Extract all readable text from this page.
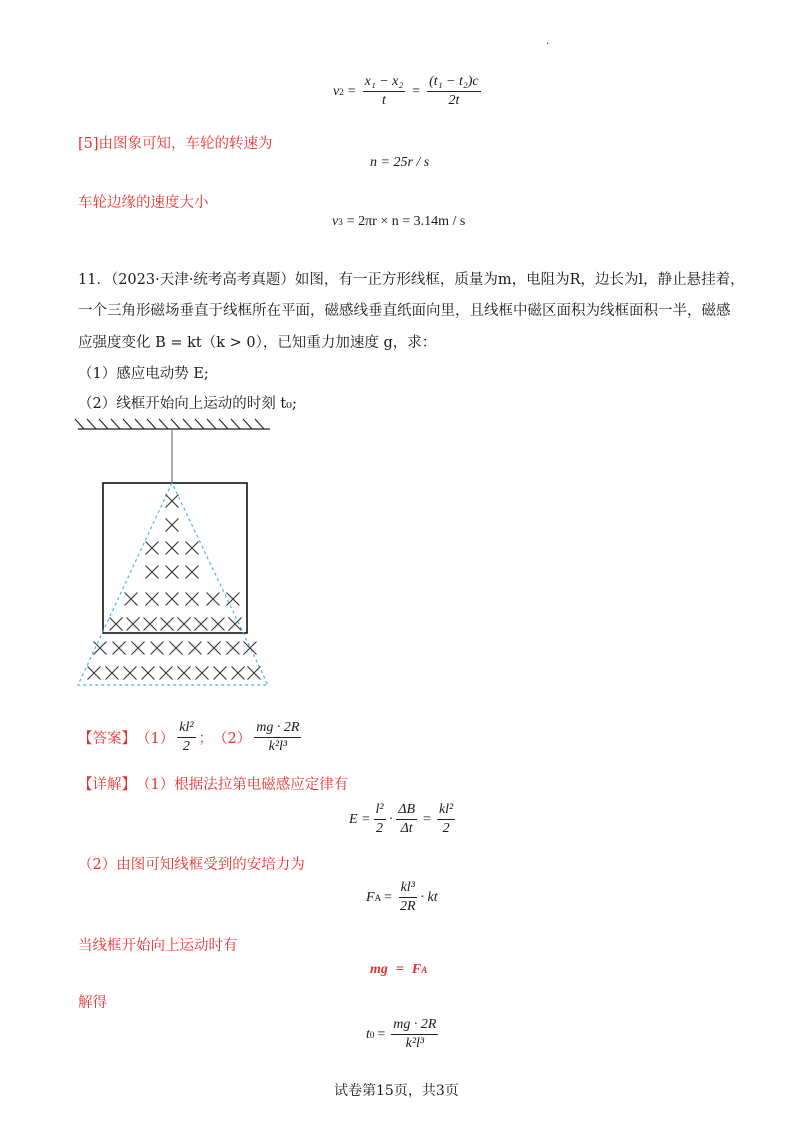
.
v $2 = \frac{\text{x₁ − x₂}}{t} = \frac{\text{(t₁ − t₂)c}}{2t}$
[5]由图象可知，车轮的转速为
n = 25r / s
车轮边缘的速度大小
v 3 = 2πr × n = 3.14m / s
11．（2023·天津·统考高考真题）如图，有一正方形线框，质量为m，电阻为R，边长为l，静止悬挂着，
一个三角形磁场垂直于线框所在平面，磁感线垂直纸面向里，且线框中磁区面积为线框面积一半，磁感
应强度变化 B = kt（k > 0），已知重力加速度 g，求：
（1）感应电动势 E;
（2）线框开始向上运动的时刻 t₀;
【答案】 $(1) \frac{\text{kl²}}{2}$ ； $(2) \frac{mg \cdot 2R}{\text{k²l³}}$
【详解】 （1）根据法拉第电磁感应定律有
$E = \frac{\text{l²}}{2} \cdot \frac{\Delta B}{\Delta t} = \frac{\text{kl²}}{2}$
（2）由图可知线框受到的安培力为
F $A = \frac{\text{kl³}}{2R}$ · kt
当线框开始向上运动时有
mg = F A
解得
t $0 = \frac{mg \cdot 2R}{\text{k²l³}}$
试卷第15页，共3页
